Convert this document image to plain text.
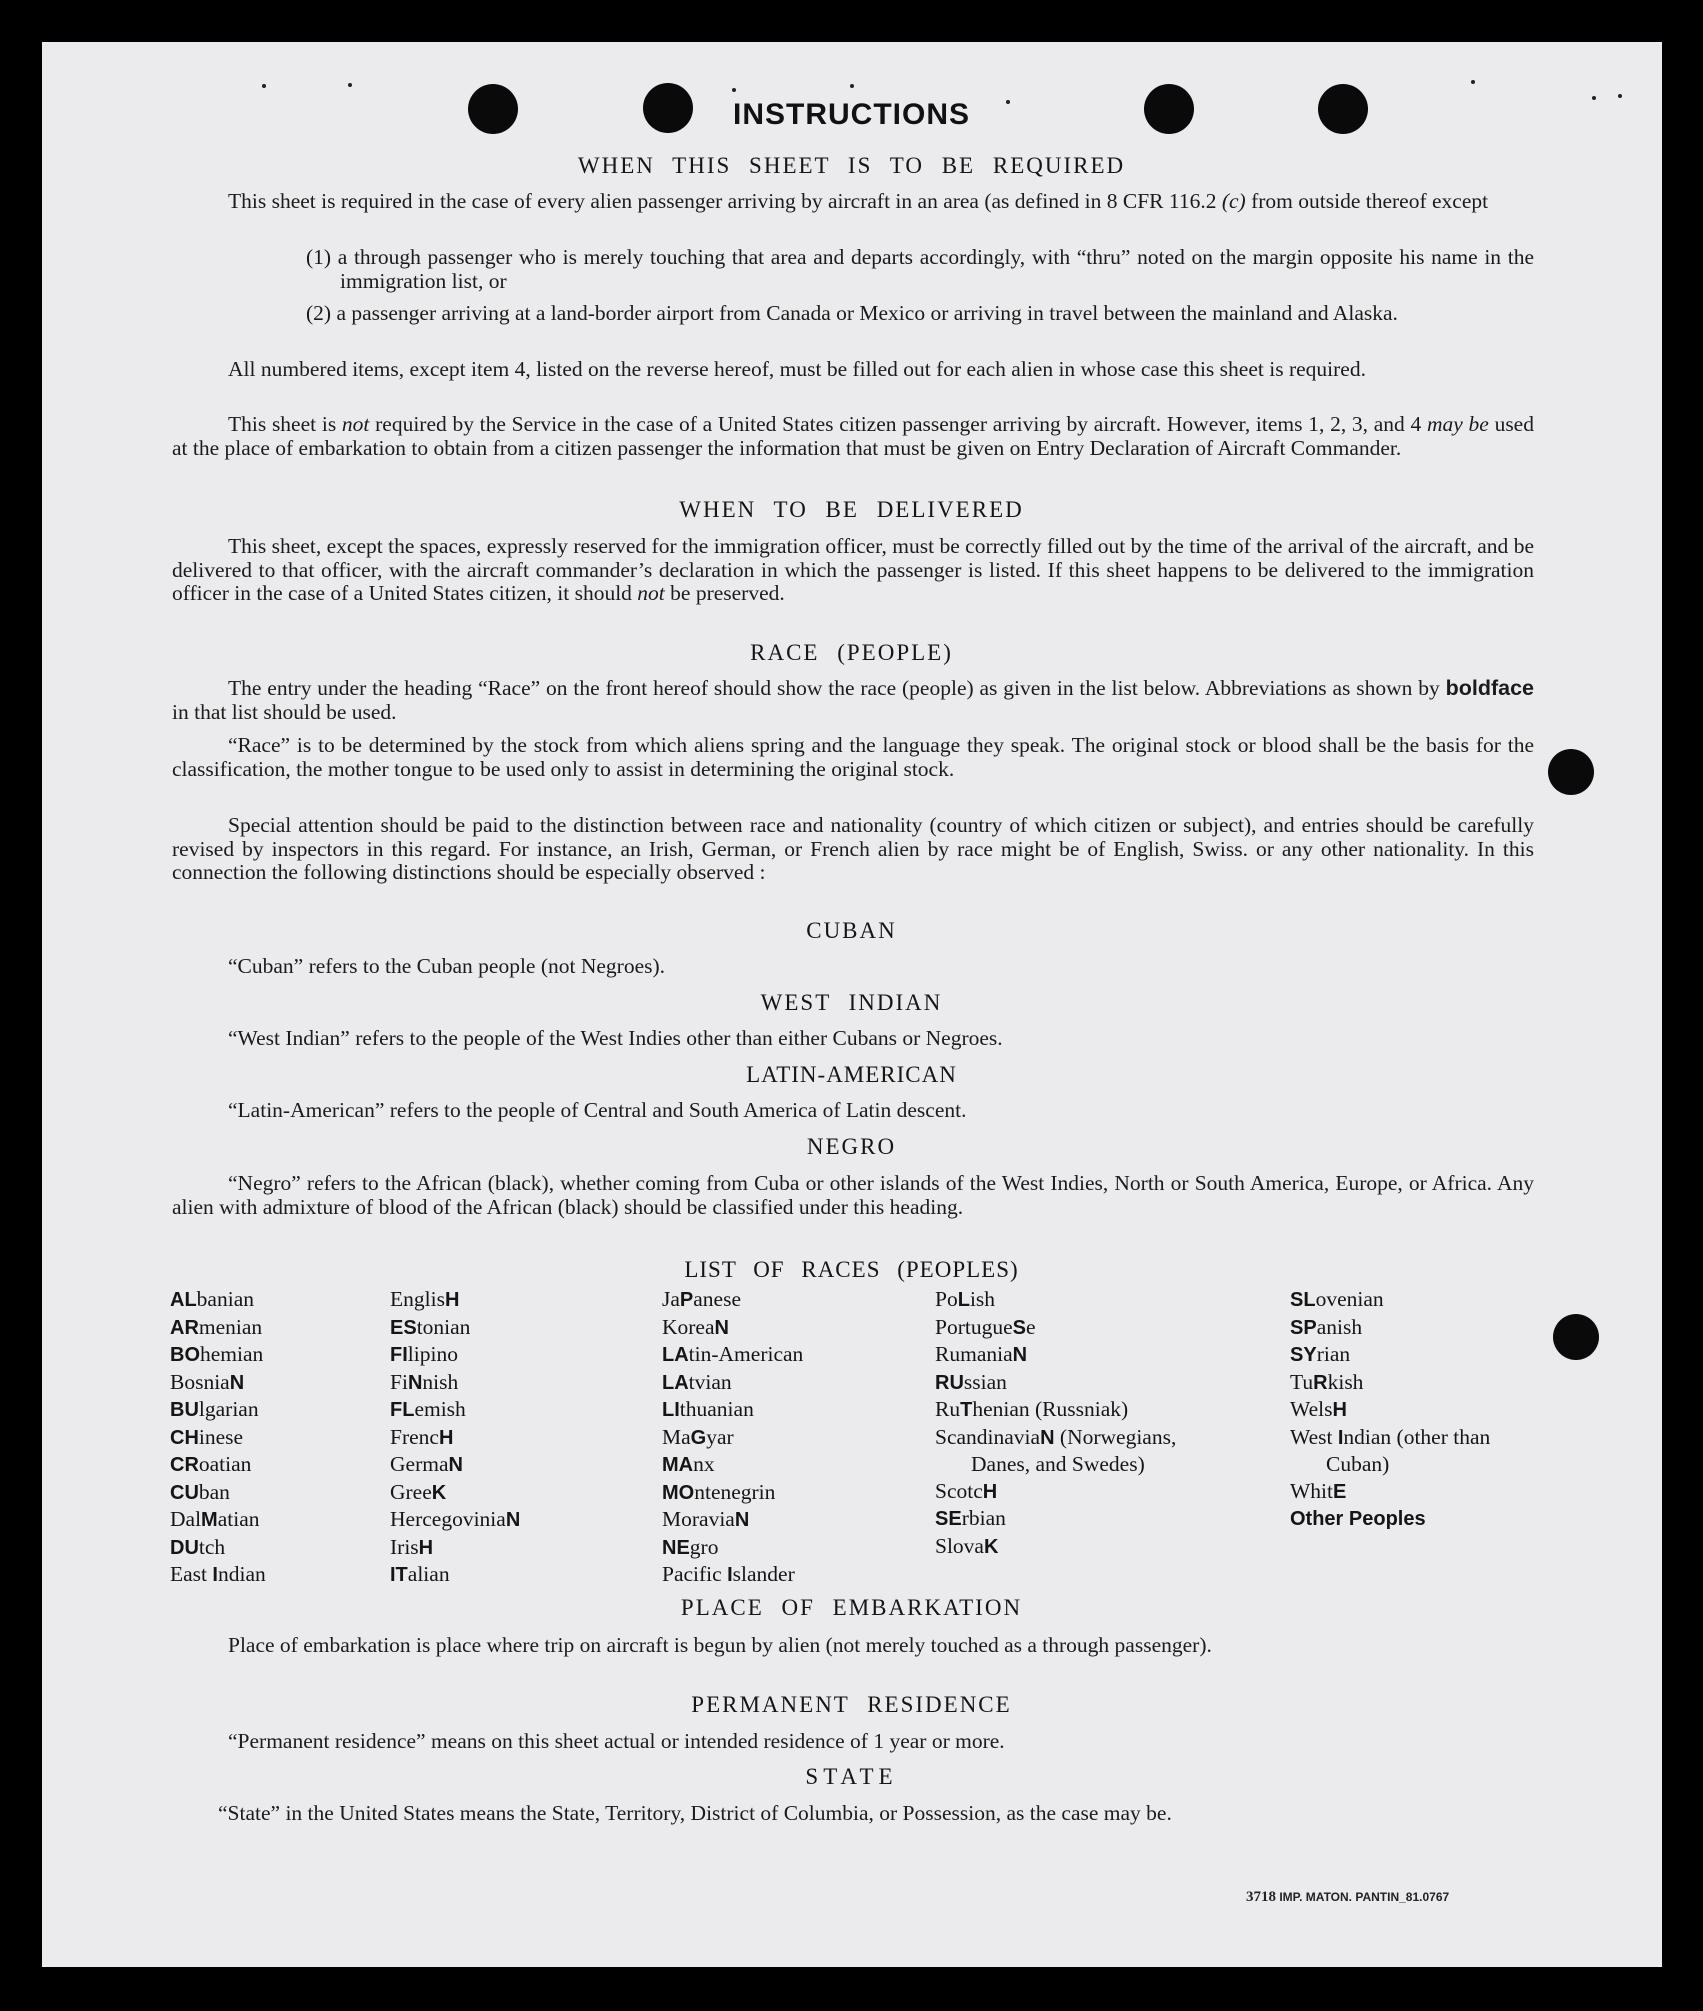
INSTRUCTIONS
WHEN THIS SHEET IS TO BE REQUIRED
This sheet is required in the case of every alien passenger arriving by aircraft in an area (as defined in 8 CFR 116.2 (c) from outside thereof except
(1) a through passenger who is merely touching that area and departs accordingly, with “thru” noted on the margin opposite his name in the immigration list, or
(2) a passenger arriving at a land-border airport from Canada or Mexico or arriving in travel between the mainland and Alaska.
All numbered items, except item 4, listed on the reverse hereof, must be filled out for each alien in whose case this sheet is required.
This sheet is not required by the Service in the case of a United States citizen passenger arriving by aircraft. However, items 1, 2, 3, and 4 may be used at the place of embarkation to obtain from a citizen passenger the information that must be given on Entry Declaration of Aircraft Commander.
WHEN TO BE DELIVERED
This sheet, except the spaces, expressly reserved for the immigration officer, must be correctly filled out by the time of the arrival of the aircraft, and be delivered to that officer, with the aircraft commander’s declaration in which the passenger is listed. If this sheet happens to be delivered to the immigration officer in the case of a United States citizen, it should not be preserved.
RACE (PEOPLE)
The entry under the heading “Race” on the front hereof should show the race (people) as given in the list below. Abbreviations as shown by boldface in that list should be used.
“Race” is to be determined by the stock from which aliens spring and the language they speak. The original stock or blood shall be the basis for the classification, the mother tongue to be used only to assist in determining the original stock.
Special attention should be paid to the distinction between race and nationality (country of which citizen or subject), and entries should be carefully revised by inspectors in this regard. For instance, an Irish, German, or French alien by race might be of English, Swiss. or any other nationality. In this connection the following distinctions should be especially observed :
CUBAN
“Cuban” refers to the Cuban people (not Negroes).
WEST INDIAN
“West Indian” refers to the people of the West Indies other than either Cubans or Negroes.
LATIN-AMERICAN
“Latin-American” refers to the people of Central and South America of Latin descent.
NEGRO
“Negro” refers to the African (black), whether coming from Cuba or other islands of the West Indies, North or South America, Europe, or Africa. Any alien with admixture of blood of the African (black) should be classified under this heading.
LIST OF RACES (PEOPLES)
ALbanian
ARmenian
BOhemian
BosniaN
BUlgarian
CHinese
CRoatian
CUban
DalMatian
DUtch
East Indian
EnglisH
EStonian
FIlipino
FiNnish
FLemish
FrencH
GermaN
GreeK
HercegoviniaN
IrisH
ITalian
JaPanese
KoreaN
LAtin-American
LAtvian
LIthuanian
MaGyar
MAnx
MOntenegrin
MoraviaN
NEgro
Pacific Islander
PoLish
PortugueSe
RumaniaN
RUssian
RuThenian (Russniak)
ScandinaviaN (Norwegians, Danes, and Swedes)
ScotcH
SErbian
SlovaK
SLovenian
SPanish
SYrian
TuRkish
WelsH
West Indian (other than Cuban)
WhitE
Other Peoples
PLACE OF EMBARKATION
Place of embarkation is place where trip on aircraft is begun by alien (not merely touched as a through passenger).
PERMANENT RESIDENCE
“Permanent residence” means on this sheet actual or intended residence of 1 year or more.
STATE
“State” in the United States means the State, Territory, District of Columbia, or Possession, as the case may be.
3718 IMP. MATON. PANTIN_81.0767
